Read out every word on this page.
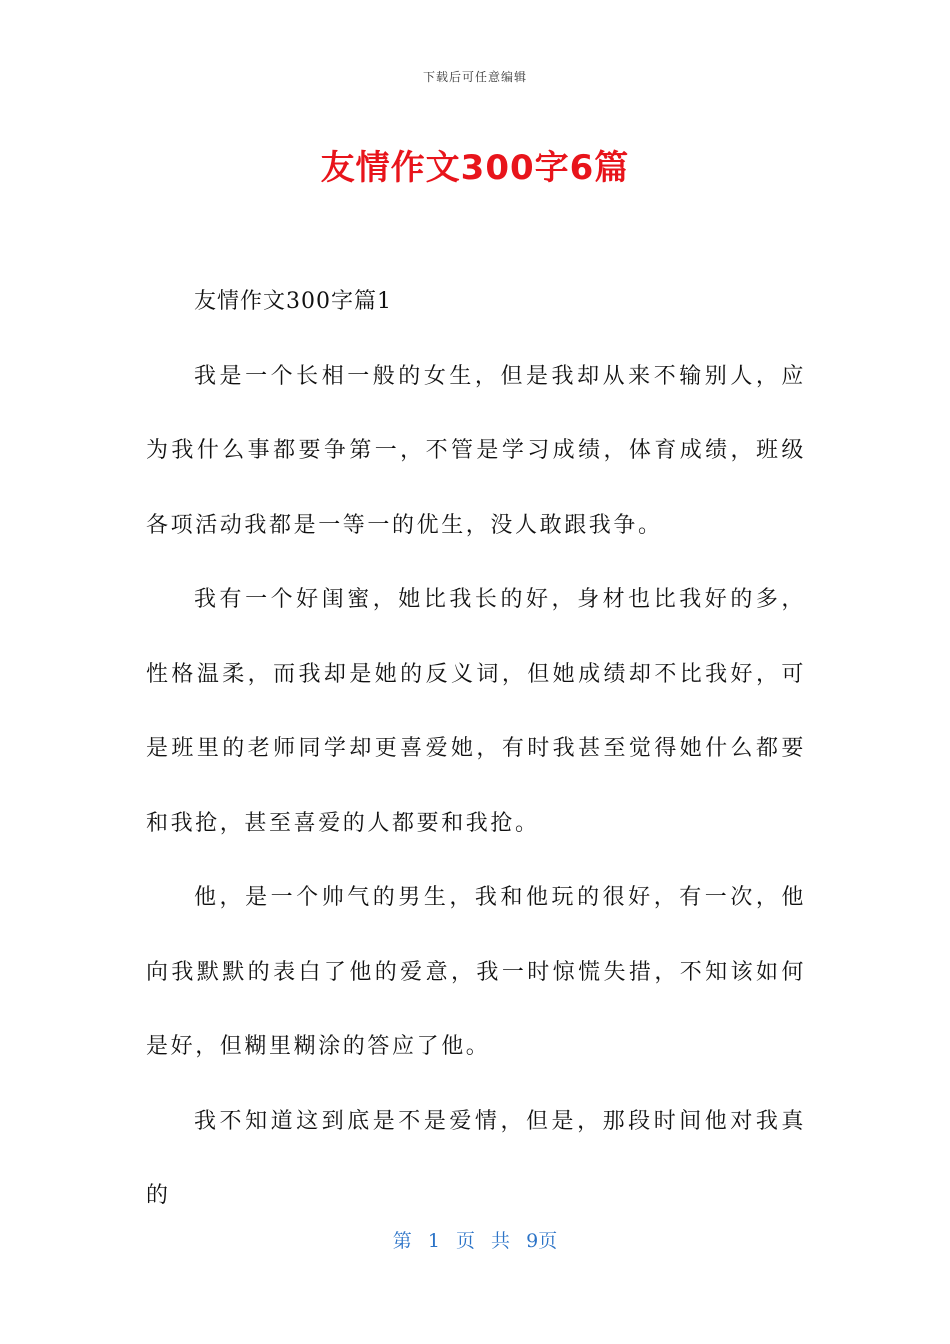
下载后可任意编辑
友情作文300字6篇

友情作文300字篇1

我是一个长相一般的女生，但是我却从来不输别人，应为我什么事都要争第一，不管是学习成绩，体育成绩，班级各项活动我都是一等一的优生，没人敢跟我争。

我有一个好闺蜜，她比我长的好，身材也比我好的多，性格温柔，而我却是她的反义词，但她成绩却不比我好，可是班里的老师同学却更喜爱她，有时我甚至觉得她什么都要和我抢，甚至喜爱的人都要和我抢。

他，是一个帅气的男生，我和他玩的很好，有一次，他向我默默的表白了他的爱意，我一时惊慌失措，不知该如何是好，但糊里糊涂的答应了他。

我不知道这到底是不是爱情，但是，那段时间他对我真的

第 1 页 共 9页
